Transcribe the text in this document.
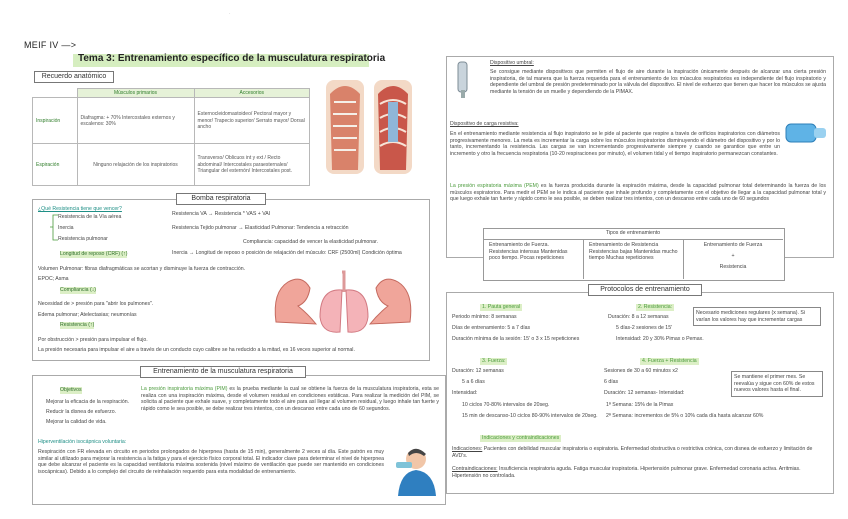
·
MEIF IV —>
Tema 3: Entrenamiento específico de la musculatura respiratoria
Recuerdo anatómico
	Músculos primarios	Accesorios
Inspiración	Diafragma: + 70% Intercostales externos y escalenos: 30%	Esternocleidomastoideo/ Pectoral mayor y menor/ Trapecio superior/ Serrato mayor/ Dorsal ancho
Espiración	Ninguno relajación de los inspiratorios	Transverso/ Oblicuos int y ext / Recto abdominal/ Intercostales paraesternales/ Triangular del esternón/ Intercostales post.
Bomba respiratoria
¿Qué Resistencia tiene que vencer?
Resistencia de la Vía aérea
Inercia
Resistencia pulmonar
Resistencia VA → Resistencia * VAS + VAI
Resistencia Tejido pulmonar → Elasticidad Pulmonar: Tendencia a retracción
Compliancia: capacidad de vencer la elasticidad pulmonar.
Inercia → Longitud de reposo o posición de relajación del músculo: CRF (2500ml) Condición óptima
Longitud de reposo (CRF) (↑)
Volumen Pulmonar: fibras diafragmáticas se acortan y disminuye la fuerza de contracción.
EPOC; Asma
Compliancia (↓)
Necesidad de > presión para "abrir los pulmones".
Edema pulmonar; Atelectasias; neumonías
Resistencia (↑)
Por obstrucción > presión para impulsar el flujo.
La presión necesaria para impulsar el aire a través de un conducto cuyo calibre se ha reducido a la mitad, es 16 veces superior al normal.
Entrenamiento de la musculatura respiratoria
Objetivos
Mejorar la eficacia de la respiración.
Reducir la disnea de esfuerzo.
Mejorar la calidad de vida.
La presión inspiratoria máxima (PIM) es la prueba mediante la cual se obtiene la fuerza de la musculatura inspiratoria, esta se realiza con una inspiración máxima, desde el volumen residual en condiciones estáticas. Para realizar la medición del PIM, se solicita al paciente que exhale suave, y completamente todo el aire para así llegar al volumen residual, y luego inhale tan fuerte y rápido como le sea posible, se debe realizar tres intentos, con un descanso entre cada uno de 60 segundos.
Hiperventilación isocápnica voluntaria:
Respiración con FR elevada en circuito en periodos prolongados de hiperpnea (hasta de 15 min), generalmente 2 veces al día. Este patrón es muy similar al utilizado para mejorar la resistencia a la fatiga y para el ejercicio físico corporal total. El indicador clave para determinar el nivel de hiperpnea que debe alcanzar el paciente es la capacidad ventilatoria máxima sostenida (nivel máximo de ventilación que puede ser mantenido en condiciones isocápnicas). Debido a lo complejo del circuito de reinhalación requerido para esta modalidad de entrenamiento.
Dispositivo umbral:
Se consigue mediante dispositivos que permiten el flujo de aire durante la inspiración únicamente después de alcanzar una cierta presión inspiratoria, de tal manera que la fuerza requerida para el entrenamiento de los músculos respiratorios es independiente del flujo inspiratorio y dependiente del umbral de presión predeterminado por la válvula del dispositivo. El nivel de esfuerzo que tienen que hacer los músculos se ajusta mediante la tensión de un muelle y dependiendo de la PIMAX.
Dispositivo de carga resistiva:
En el entrenamiento mediante resistencia al flujo inspiratorio se le pide al paciente que respire a través de orificios inspiratorios con diámetros progresivamente menores. La meta es incrementar la carga sobre los músculos inspiratorios disminuyendo el diámetro del dispositivo y por lo tanto, incrementando la resistencia. Las cargas se van incrementando progresivamente siempre y cuando se garantice que entre un incremento y otro la frecuencia respiratoria (10-20 respiraciones por minuto), el volumen tidal y el tiempo inspiratorio permanezcan constantes.
La presión espiratoria máxima (PEM) es la fuerza producida durante la espiración máxima, desde la capacidad pulmonar total determinando la fuerza de los músculos espiratorios. Para medir el PEM se le indica al paciente que inhale profundo y completamente con el objetivo de llegar a la capacidad pulmonar total y que luego exhale tan fuerte y rápido como le sea posible, se deben realizar tres intentos, con un descanso entre cada uno de 60 segundos
Tipos de entrenamiento
Entrenamiento de Fuerza. Resistencias intensas Mantenidas poco tiempo. Pocas repeticiones
Entrenamiento de Resistencia Resistencias bajas Mantenidas mucho tiempo Muchas repeticiones
Entrenamiento de Fuerza
+
Resistencia
Protocolos de entrenamiento
1. Pauta general
Periodo mínimo: 8 semanas
Días de entrenamiento: 5 a 7 días
Duración mínima de la sesión: 15' o 3 x 15 repeticiones
2. Resistencia:
Duración: 8 a 12 semanas
5 días-2 sesiones de 15'
Intensidad: 20 y 30% Pimax o Pemax.
Necesario mediciones regulares (x semana). Si varían los valores hay que incrementar cargas
3. Fuerza:
Duración: 12 semanas
5 a 6 días
Intensidad:
10 ciclos 70-80% intervalos de 20seg.
15 min de descanso-10 ciclos 80-90% intervalos de 20seg.
4. Fuerza + Resistencia
Sesiones de 30 a 60 minutos x2
6 días
Duración: 12 semanas- Intensidad:
1ª Semana: 15% de la Pimax
2ª Semana: incrementos de 5% o 10% cada día hasta alcanzar 60%
Se mantiene el primer mes. Se reevalúa y sigue con 60% de estos nuevos valores hasta el final.
Indicaciones y contraindicaciones
Indicaciones: Pacientes con debilidad muscular inspiratoria o espiratoria. Enfermedad obstructiva o restrictiva crónica, con disnea de esfuerzo y limitación de AVD's.
Contraindicaciones: Insuficiencia respiratoria aguda. Fatiga muscular inspiratoria. Hipertensión pulmonar grave. Enfermedad coronaria activa. Arritmias. Hipertensión no controlada.
